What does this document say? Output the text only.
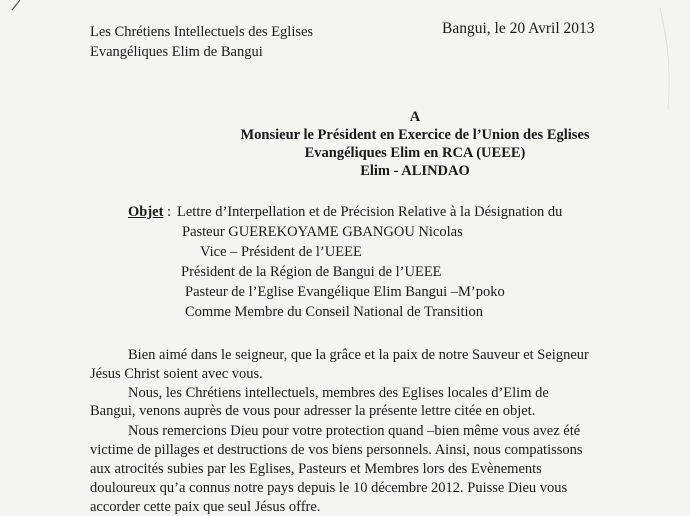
Les Chrétiens Intellectuels des Eglises
Evangéliques Elim de Bangui
Bangui, le 20 Avril 2013
A
Monsieur le Président en Exercice de l’Union des Eglises
Evangéliques Elim en RCA (UEEE)
Elim - ALINDAO
Objet : Lettre d’Interpellation et de Précision Relative à la Désignation du
Pasteur GUEREKOYAME GBANGOU Nicolas
Vice – Président de l’UEEE
Président de la Région de Bangui de l’UEEE
Pasteur de l’Eglise Evangélique Elim Bangui –M’poko
Comme Membre du Conseil National de Transition
Bien aimé dans le seigneur, que la grâce et la paix de notre Sauveur et Seigneur
Jésus Christ soient avec vous.
Nous, les Chrétiens intellectuels, membres des Eglises locales d’Elim de
Bangui, venons auprès de vous pour adresser la présente lettre citée en objet.
Nous remercions Dieu pour votre protection quand –bien même vous avez été
victime de pillages et destructions de vos biens personnels. Ainsi, nous compatissons
aux atrocités subies par les Eglises, Pasteurs et Membres lors des Evènements
douloureux qu’a connus notre pays depuis le 10 décembre 2012. Puisse Dieu vous
accorder cette paix que seul Jésus offre.
